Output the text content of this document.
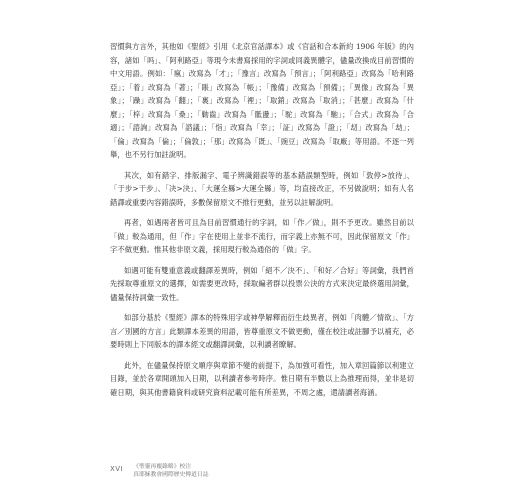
習慣與方言外，其他如《聖經》引用《北京官話譯本》或《官話和合本新約 1906 年版》的內容，諸如「吗」、「阿利路亞」等現今未書寫採用的字詞或同義異體字，儘量改換成目前習慣的中文用語。例如：「瘋」改寫為「才」；「豫言」改寫為「預言」；「阿利路亞」改寫為「哈利路亞」；「着」改寫為「著」；「賬」改寫為「帳」；「豫備」改寫為「預備」；「異像」改寫為「異象」；「躁」改寫為「翻」；「裏」改寫為「裡」；「取銷」改寫為「取消」；「甚麼」改寫為「什麼」；「梓」改寫為「桑」；「勦齒」改寫為「骶盪」；「駝」改寫為「馳」；「合式」改寫為「合適」；「諮詢」改寫為「諮議」；「恉」改寫為「幸」；「証」改寫為「證」；「刧」改寫為「劫」；「倫」改寫為「倫」；「倫敦」；「那」改寫為「既」、「豌豆」改寫為「取廠」等用語。不逐一列舉，也不另行加註說明。

其次，如有錯字、排版漏字、電子辨識錯誤等的基本錯誤類型時，例如「敦停>放待」、「于步>干步」、「决>決」、「大運全縣>大運全縣」等，均直接改正，不另做說明；如有人名錯譯或重要內容錯誤時，多數保留原文不推行更動，並另以註解說明。

再者，如遇兩者皆可且為目前習慣通行的字詞，如「作／做」，則不予更改。雖然目前以「做」較為通用，但「作」字在使用上並非不流行，而字義上亦無不可，因此保留原文「作」字不做更動。惟其他非原文義，採用現行較為通俗的「做」字。

如遇可能有雙重意義或翻譯差異時，例如「絕不／決不」、「和好／合好」等詞彙，我們首先採取尊重原文的選擇，如需要更改時，採取編者群以投票公決的方式來決定最終選用詞彙，儘量保持詞彙一致性。

如部分基於《聖經》譯本的特殊用字或神學解釋而衍生歧異者，例如「肉體／情欲」、「方言／別國的方言」此類譯本差異的用語，皆尊重原文不做更動，僅在校注或註腳予以補充，必要時則上下同版本的譯本經文或翻譯詞彙，以利讀者瞭解。

此外，在儘量保持原文順序與章節不變的前提下，為加強可看性，加入章回篇節以利建立目錄，並於各章開頭加入日期，以利讀者參考時序。惟日期有半數以上為推理而得，並非是切確日期，與其他書籍資料或研究資料記載可能有所差異，不周之處，還請讀者海涵。

XVI 《聖靈再覆錄略》校注
真耶穌教會國際歷史傳道日誌
